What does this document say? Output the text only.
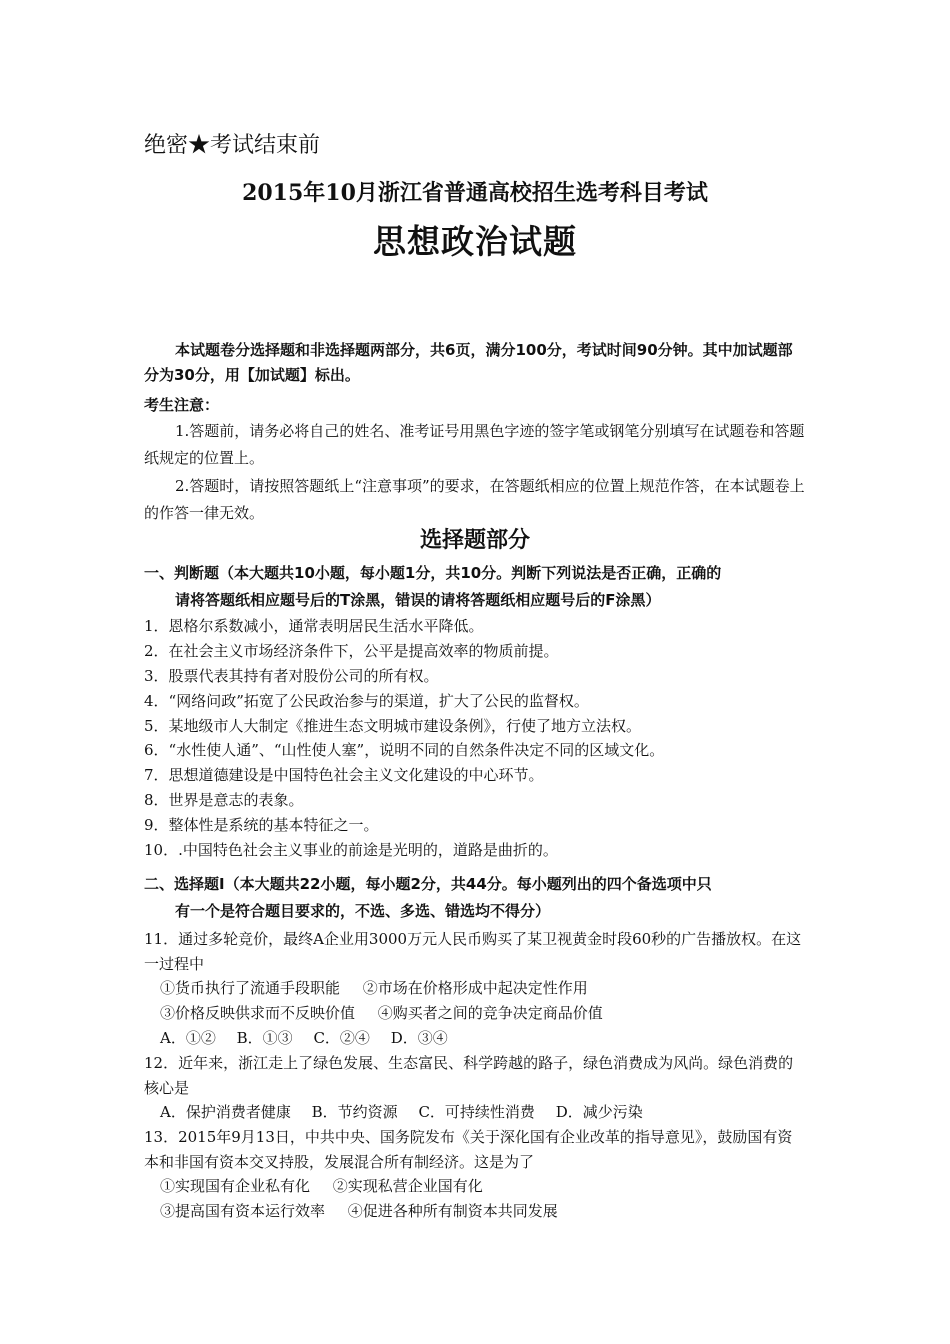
绝密★考试结束前
2015年10月浙江省普通高校招生选考科目考试
思想政治试题
本试题卷分选择题和非选择题两部分，共6页，满分100分，考试时间90分钟。其中加试题部分为30分，用【加试题】标出。
考生注意：
1.答题前，请务必将自己的姓名、准考证号用黑色字迹的签字笔或钢笔分别填写在试题卷和答题纸规定的位置上。
2.答题时，请按照答题纸上“注意事项”的要求，在答题纸相应的位置上规范作答，在本试题卷上的作答一律无效。
选择题部分
一、判断题（本大题共10小题，每小题1分，共10分。判断下列说法是否正确，正确的
请将答题纸相应题号后的T涂黑，错误的请将答题纸相应题号后的F涂黑）
1．恩格尔系数减小，通常表明居民生活水平降低。
2．在社会主义市场经济条件下，公平是提高效率的物质前提。
3．股票代表其持有者对股份公司的所有权。
4．“网络问政”拓宽了公民政治参与的渠道，扩大了公民的监督权。
5．某地级市人大制定《推进生态文明城市建设条例》，行使了地方立法权。
6．“水性使人通”、“山性使人塞”，说明不同的自然条件决定不同的区域文化。
7．思想道德建设是中国特色社会主义文化建设的中心环节。
8．世界是意志的表象。
9．整体性是系统的基本特征之一。
10．.中国特色社会主义事业的前途是光明的，道路是曲折的。
二、选择题Ⅰ（本大题共22小题，每小题2分，共44分。每小题列出的四个备选项中只
有一个是符合题目要求的，不选、多选、错选均不得分）
11．通过多轮竞价，最终A企业用3000万元人民币购买了某卫视黄金时段60秒的广告播放权。在这一过程中
①货币执行了流通手段职能 ②市场在价格形成中起决定性作用
③价格反映供求而不反映价值 ④购买者之间的竞争决定商品价值
A．①② B．①③ C．②④ D．③④
12．近年来，浙江走上了绿色发展、生态富民、科学跨越的路子，绿色消费成为风尚。绿色消费的核心是
A．保护消费者健康 B．节约资源 C．可持续性消费 D．减少污染
13．2015年9月13日，中共中央、国务院发布《关于深化国有企业改革的指导意见》，鼓励国有资本和非国有资本交叉持股，发展混合所有制经济。这是为了
①实现国有企业私有化 ②实现私营企业国有化
③提高国有资本运行效率 ④促进各种所有制资本共同发展
